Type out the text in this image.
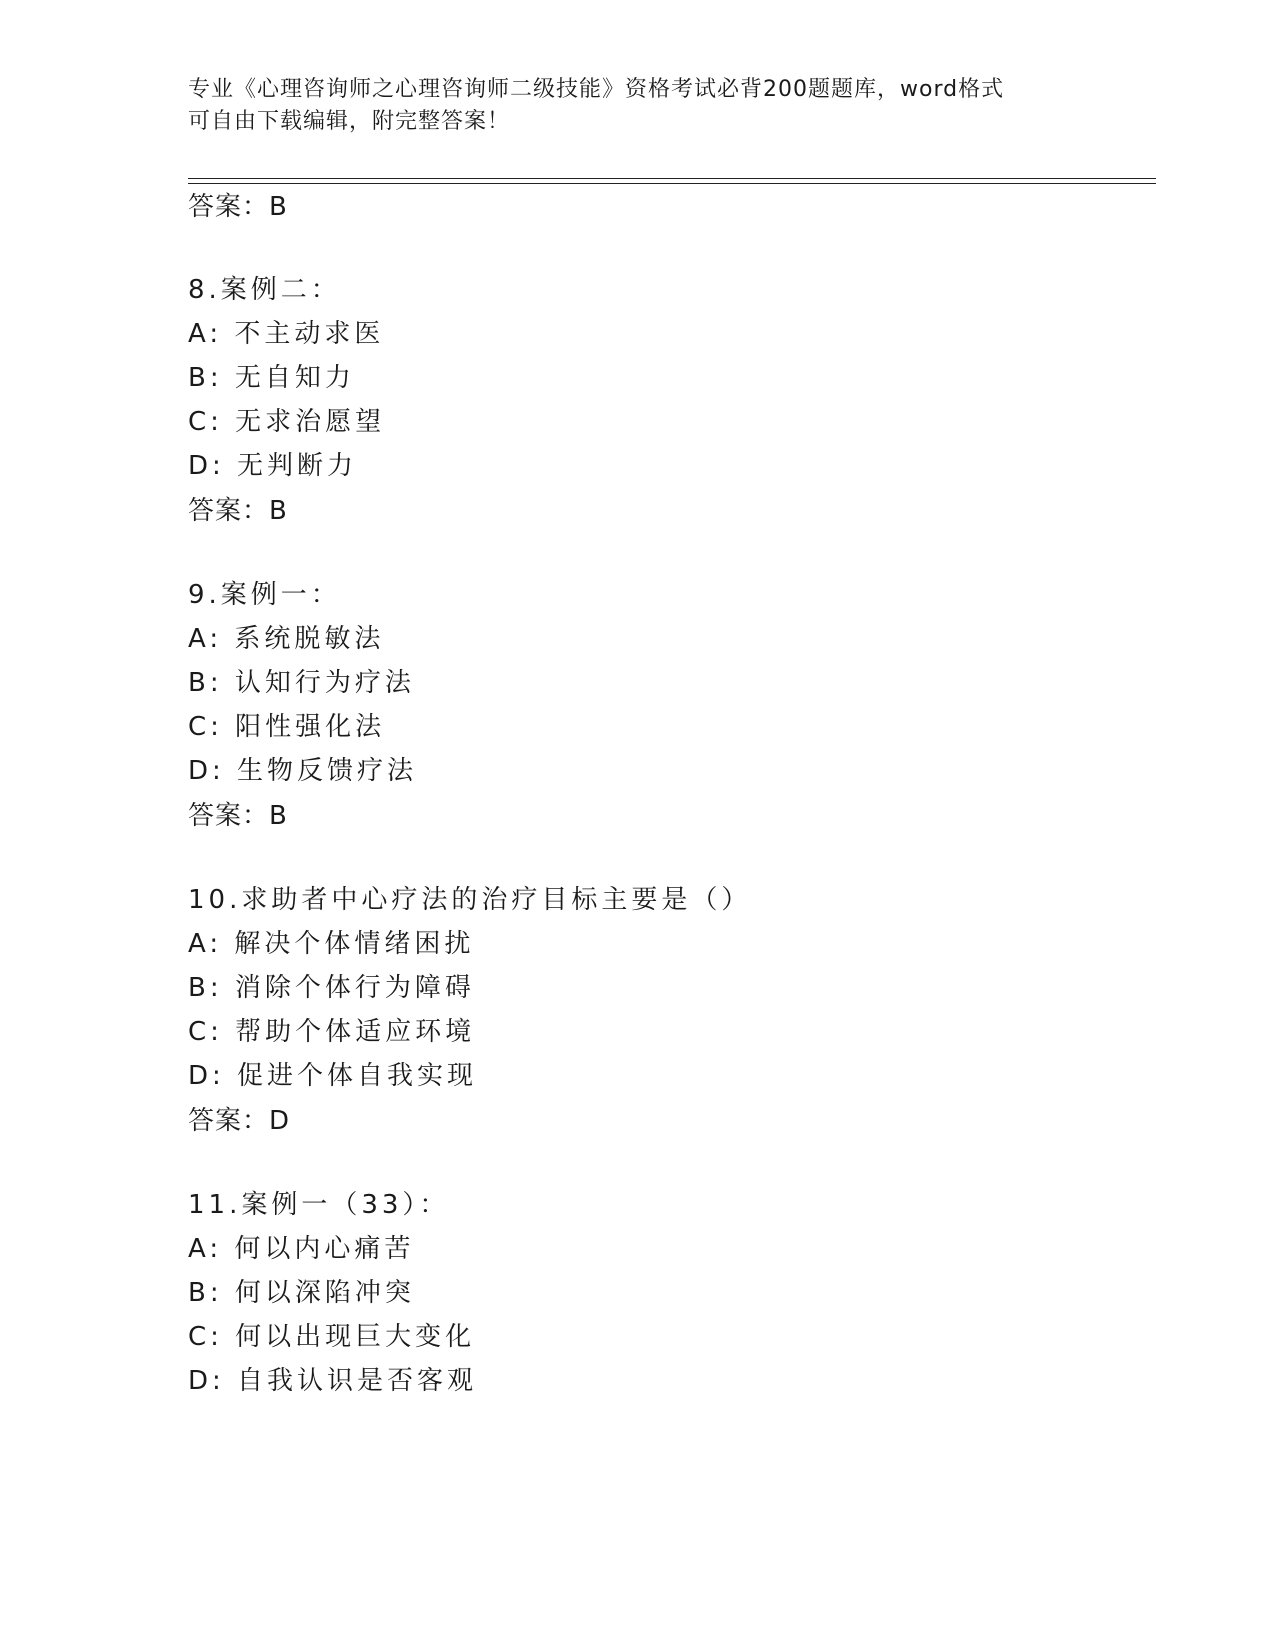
专业《心理咨询师之心理咨询师二级技能》资格考试必背200题题库，word格式
可自由下载编辑，附完整答案！
答案：B
8.案例二：
A: 不主动求医
B: 无自知力
C: 无求治愿望
D: 无判断力
答案：B
9.案例一：
A: 系统脱敏法
B: 认知行为疗法
C: 阳性强化法
D: 生物反馈疗法
答案：B
10.求助者中心疗法的治疗目标主要是（）
A: 解决个体情绪困扰
B: 消除个体行为障碍
C: 帮助个体适应环境
D: 促进个体自我实现
答案：D
11.案例一（33）：
A: 何以内心痛苦
B: 何以深陷冲突
C: 何以出现巨大变化
D: 自我认识是否客观
